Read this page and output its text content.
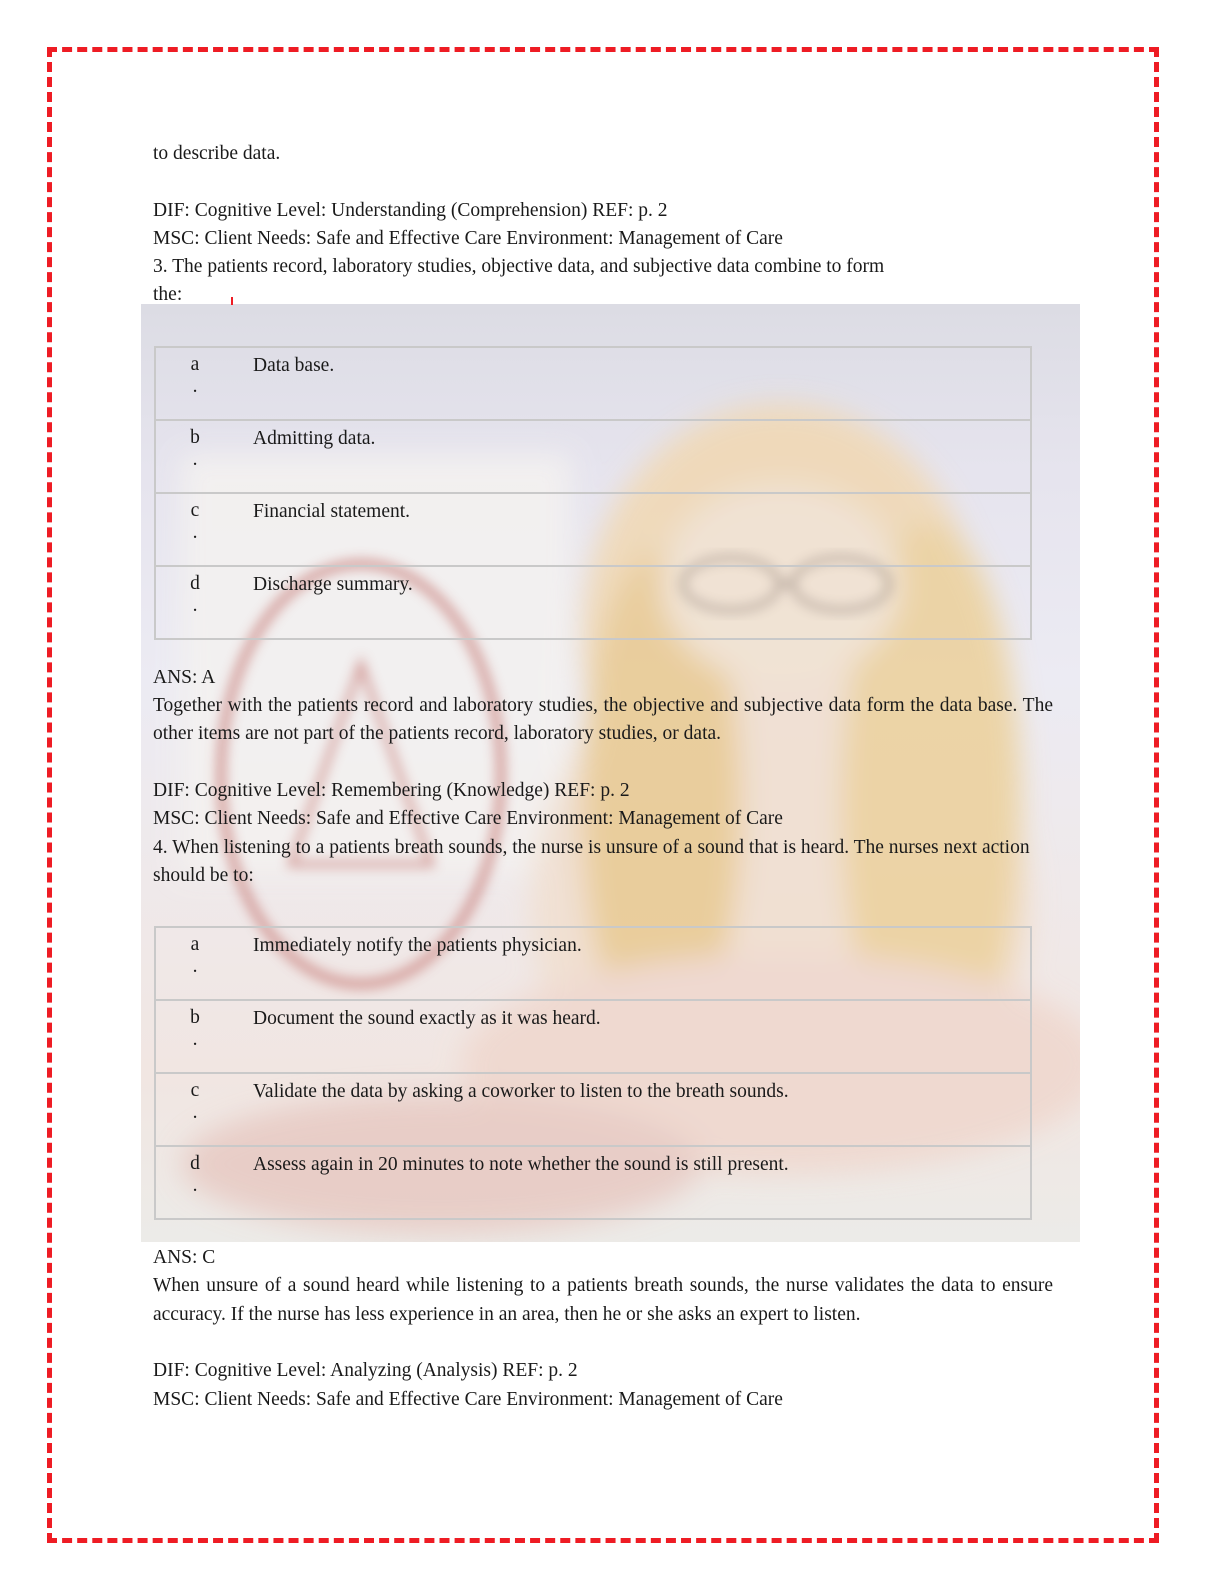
to describe data.

DIF: Cognitive Level: Understanding (Comprehension) REF: p. 2

MSC: Client Needs: Safe and Effective Care Environment: Management of Care

3. The patients record, laboratory studies, objective data, and subjective data combine to form

the:

a
.	Data base.

b
.	Admitting data.

c
.	Financial statement.

d
.	Discharge summary.

ANS: A

Together with the patients record and laboratory studies, the objective and subjective data form the data base. The other items are not part of the patients record, laboratory studies, or data.

DIF: Cognitive Level: Remembering (Knowledge) REF: p. 2

MSC: Client Needs: Safe and Effective Care Environment: Management of Care

4. When listening to a patients breath sounds, the nurse is unsure of a sound that is heard. The nurses next action should be to:

a
.	Immediately notify the patients physician.

b
.	Document the sound exactly as it was heard.

c
.	Validate the data by asking a coworker to listen to the breath sounds.

d
.	Assess again in 20 minutes to note whether the sound is still present.

ANS: C

When unsure of a sound heard while listening to a patients breath sounds, the nurse validates the data to ensure accuracy. If the nurse has less experience in an area, then he or she asks an expert to listen.

DIF: Cognitive Level: Analyzing (Analysis) REF: p. 2

MSC: Client Needs: Safe and Effective Care Environment: Management of Care
